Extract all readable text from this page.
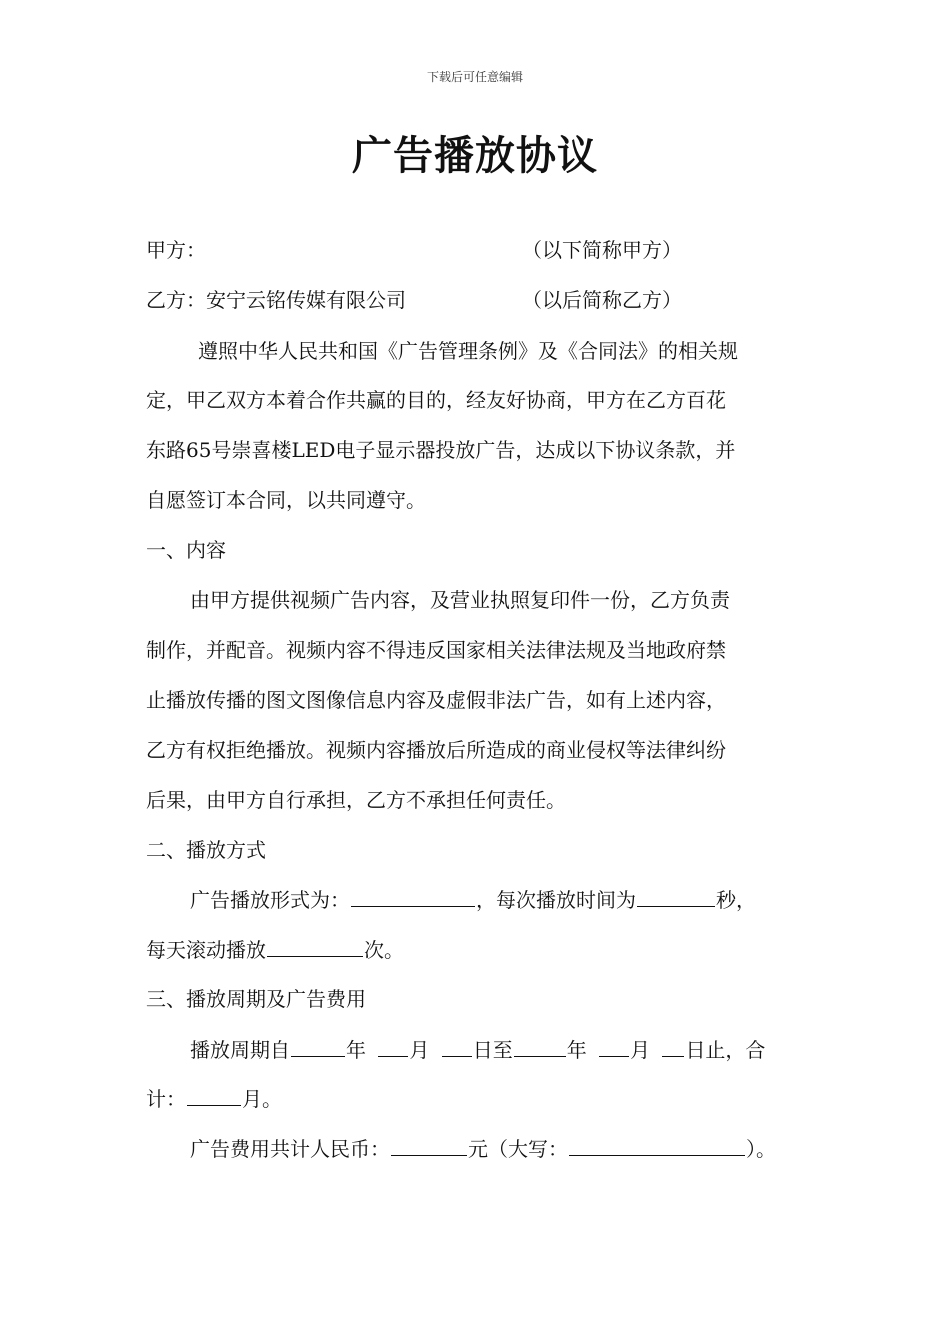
下载后可任意编辑
广告播放协议
甲方：	（以下简称甲方）
乙方：安宁云铭传媒有限公司	（以后简称乙方）
遵照中华人民共和国《广告管理条例》及《合同法》的相关规
定，甲乙双方本着合作共赢的目的，经友好协商，甲方在乙方百花
东路65号崇喜楼LED电子显示器投放广告，达成以下协议条款，并
自愿签订本合同，以共同遵守。
一、内容
由甲方提供视频广告内容，及营业执照复印件一份，乙方负责
制作，并配音。视频内容不得违反国家相关法律法规及当地政府禁
止播放传播的图文图像信息内容及虚假非法广告，如有上述内容，
乙方有权拒绝播放。视频内容播放后所造成的商业侵权等法律纠纷
后果，由甲方自行承担，乙方不承担任何责任。
二、播放方式
广告播放形式为：	，每次播放时间为	秒，
每天滚动播放	次。
三、播放周期及广告费用
播放周期自	年 月 日至	年 月 日止，合
计：	月。
广告费用共计人民币：	元（大写：	）。
